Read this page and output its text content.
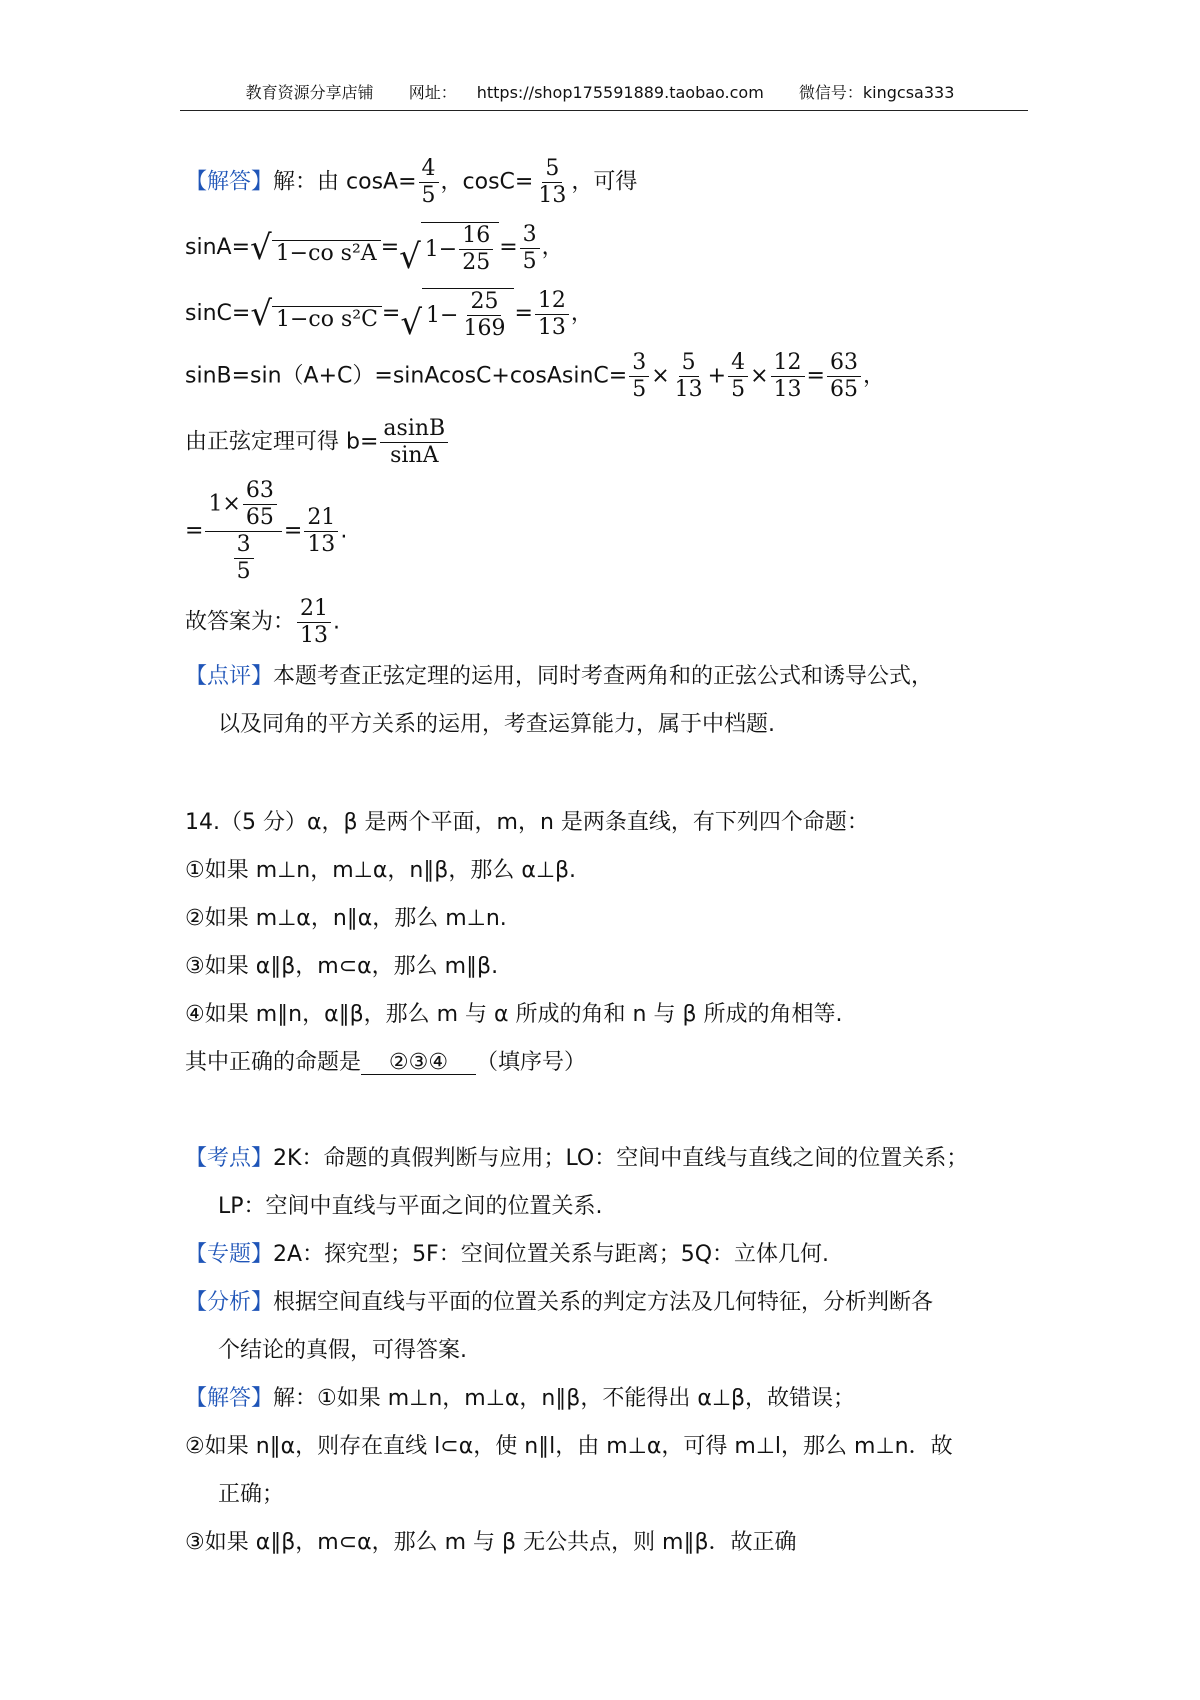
教育资源分享店铺 网址： https://shop175591889.taobao.com 微信号：kingcsa333
【解答】解：由 $\cos A= \frac{4}{5}$ ，$\cos C= \frac{5}{13}$ ，可得
sinA= √ 1−co s²A = √ $1- \frac{16}{25} = \frac{3}{5}$ ，
sinC= √ 1−co s²C = √ $1- \frac{25}{169} = \frac{12}{13}$ ，
sinB=sin（A+C）=sinAcosC+cosAsinC= $\frac{3}{5} \times \frac{5}{13} + \frac{4}{5} \times \frac{12}{13} = \frac{63}{65}$ ，
由正弦定理可得 $b= \frac{asinB}{\sin A}$
= $\frac{1\times \frac{63}{65}}{\frac{3}{5}} = \frac{21}{13}$ .
故答案为： $\frac{21}{13}$ .
【点评】本题考查正弦定理的运用，同时考查两角和的正弦公式和诱导公式，
以及同角的平方关系的运用，考查运算能力，属于中档题.
14.（5 分）α，β 是两个平面，m，n 是两条直线，有下列四个命题：
①如果 m⊥n，m⊥α，n∥β，那么 α⊥β.
②如果 m⊥α，n∥α，那么 m⊥n.
③如果 α∥β，m⊂α，那么 m∥β.
④如果 m∥n，α∥β，那么 m 与 α 所成的角和 n 与 β 所成的角相等.
其中正确的命题是 ②③④ （填序号）
【考点】2K：命题的真假判断与应用；LO：空间中直线与直线之间的位置关系；
LP：空间中直线与平面之间的位置关系.
【专题】2A：探究型；5F：空间位置关系与距离；5Q：立体几何.
【分析】根据空间直线与平面的位置关系的判定方法及几何特征，分析判断各
个结论的真假，可得答案.
【解答】解：①如果 m⊥n，m⊥α，n∥β，不能得出 α⊥β，故错误；
②如果 n∥α，则存在直线 l⊂α，使 n∥l，由 m⊥α，可得 m⊥l，那么 m⊥n．故
正确；
③如果 α∥β，m⊂α，那么 m 与 β 无公共点，则 m∥β．故正确
